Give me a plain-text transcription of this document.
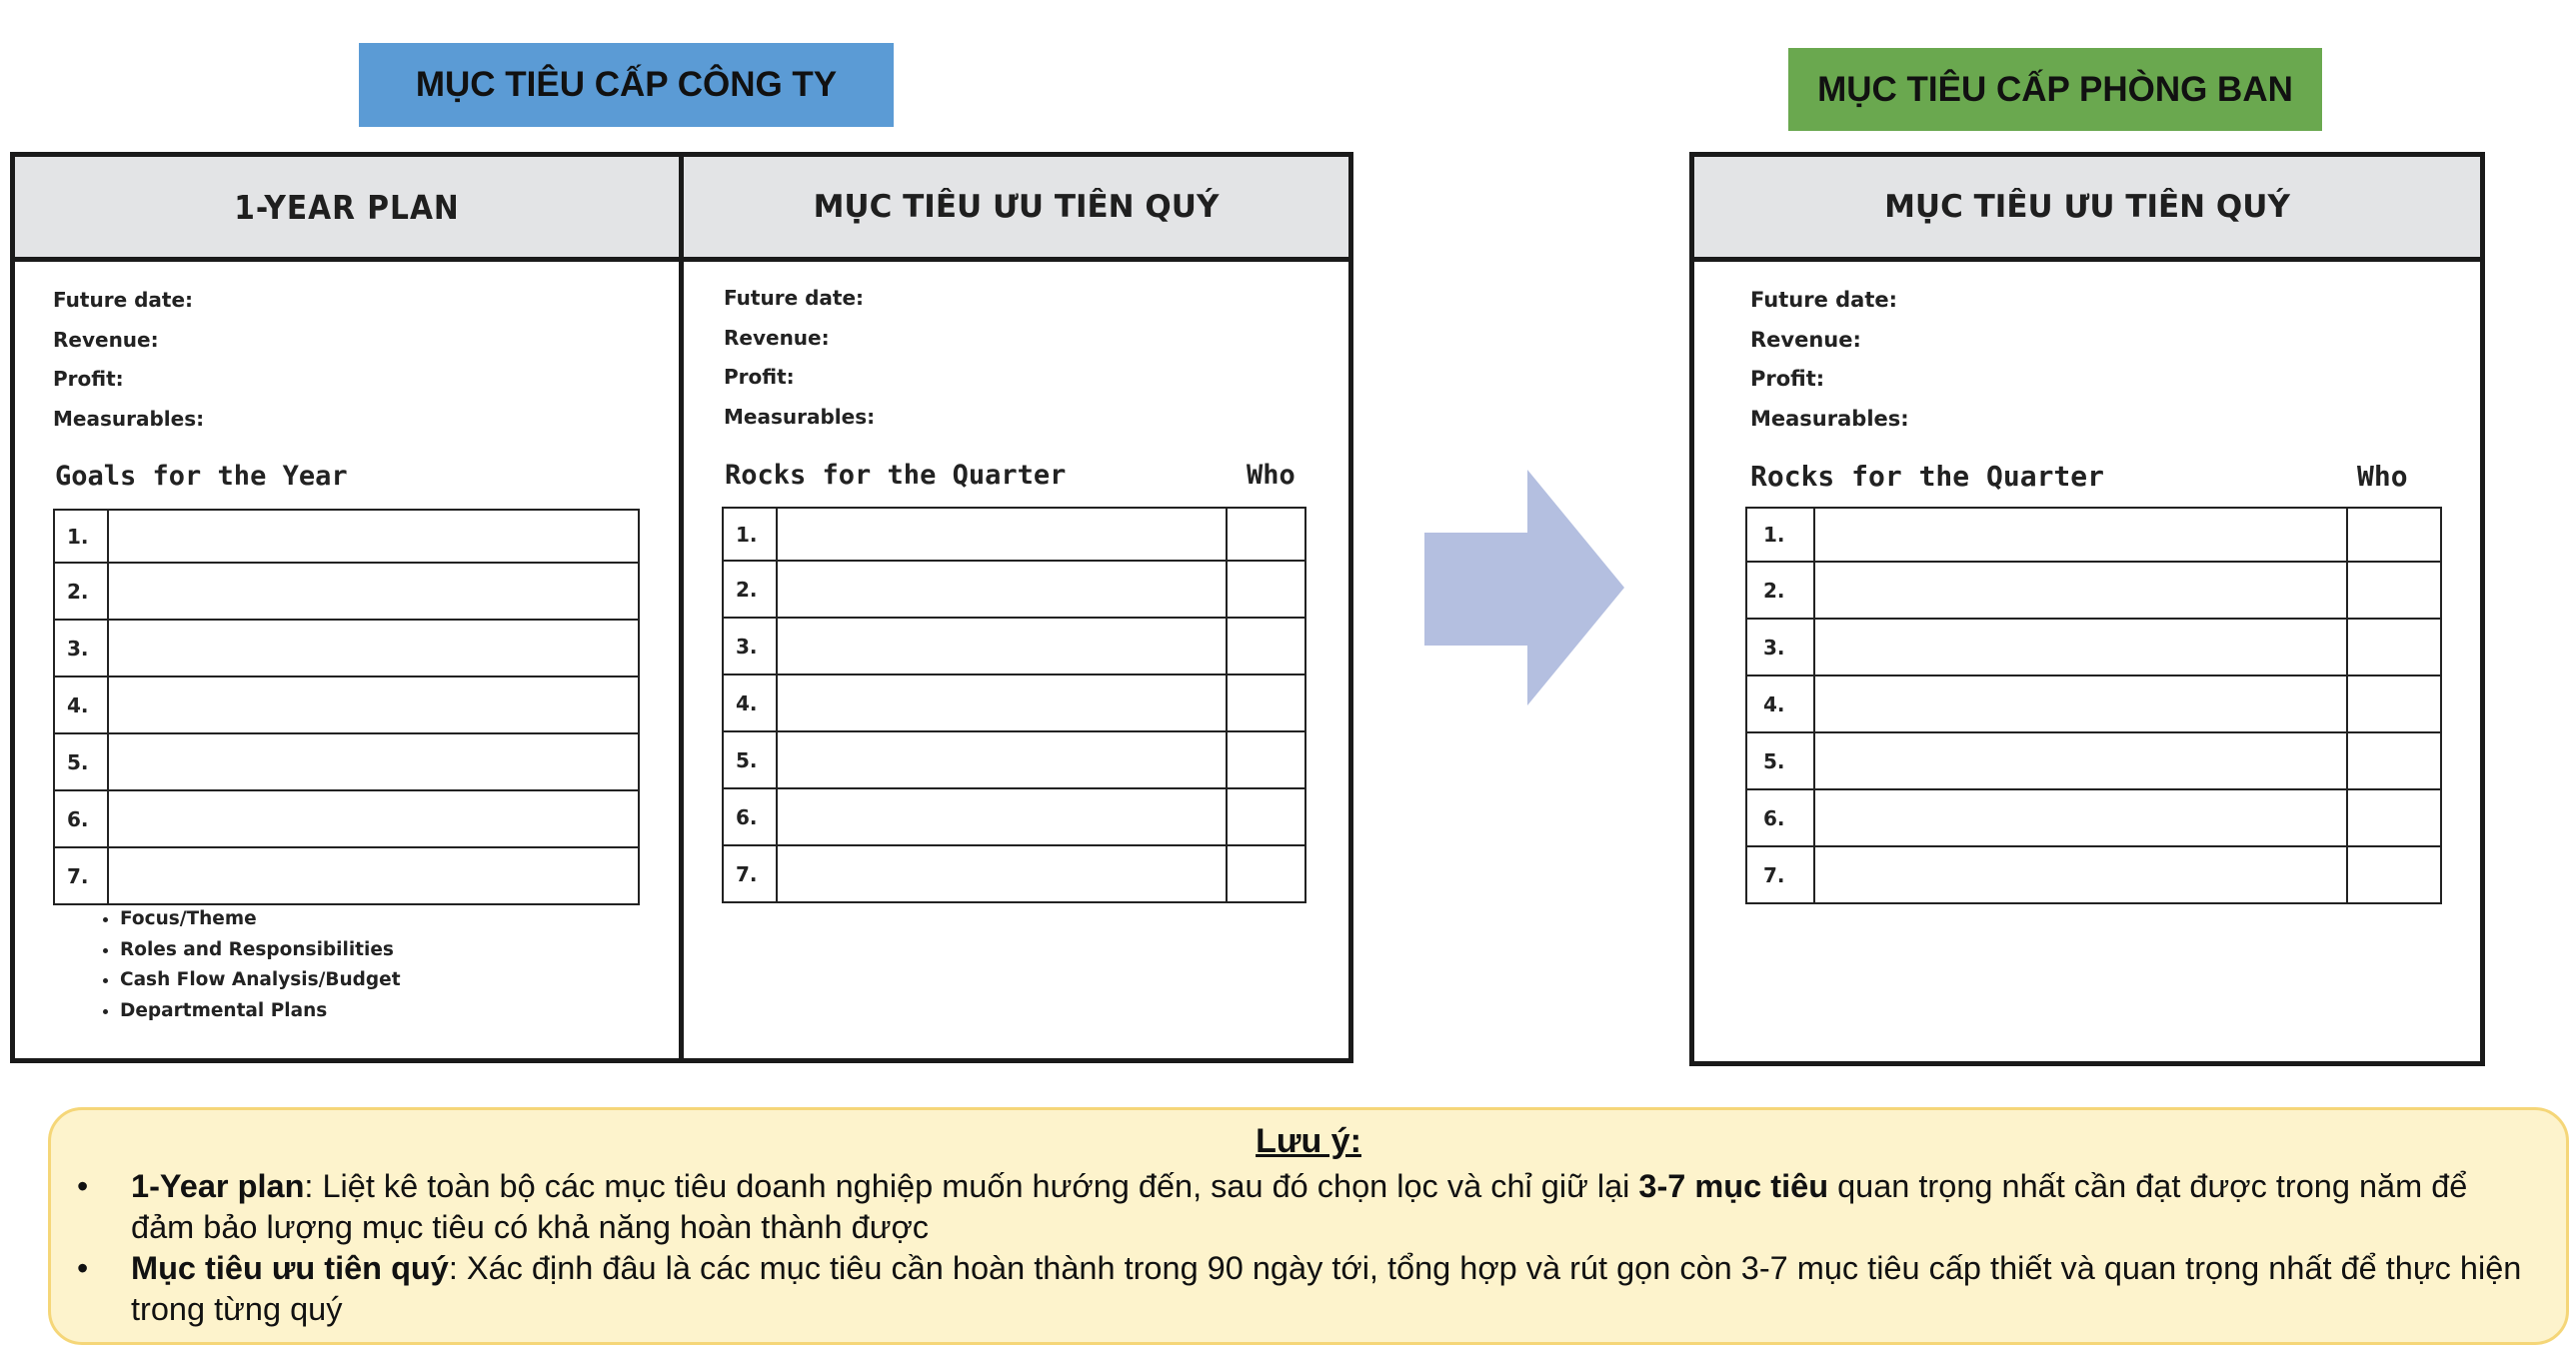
MỤC TIÊU CẤP CÔNG TY	MỤC TIÊU CẤP PHÒNG BAN
1-YEAR PLAN
Future date:
Revenue:
Profit:
Measurables:
Goals for the Year
1.	
2.	
3.	
4.	
5.	
6.	
7.	
• Focus/Theme
• Roles and Responsibilities
• Cash Flow Analysis/Budget
• Departmental Plans
MỤC TIÊU ƯU TIÊN QUÝ
Future date:
Revenue:
Profit:
Measurables:
Rocks for the Quarter	Who
1.		
2.		
3.		
4.		
5.		
6.		
7.		
MỤC TIÊU ƯU TIÊN QUÝ
Future date:
Revenue:
Profit:
Measurables:
Rocks for the Quarter	Who
1.		
2.		
3.		
4.		
5.		
6.		
7.		
Lưu ý:
• 1-Year plan: Liệt kê toàn bộ các mục tiêu doanh nghiệp muốn hướng đến, sau đó chọn lọc và chỉ giữ lại 3-7 mục tiêu quan trọng nhất cần đạt được trong năm để đảm bảo lượng mục tiêu có khả năng hoàn thành được
• Mục tiêu ưu tiên quý: Xác định đâu là các mục tiêu cần hoàn thành trong 90 ngày tới, tổng hợp và rút gọn còn 3-7 mục tiêu cấp thiết và quan trọng nhất để thực hiện trong từng quý
